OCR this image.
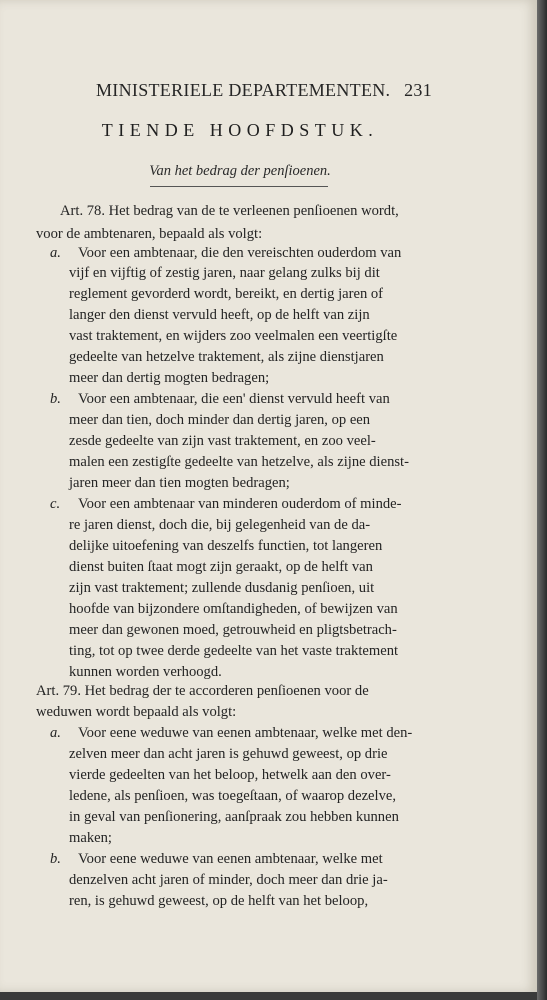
MINISTERIELE DEPARTEMENTEN. 231
TIENDE HOOFDSTUK.
Van het bedrag der penſioenen.
Art. 78. Het bedrag van de te verleenen penſioenen wordt,
voor de ambtenaren, bepaald als volgt:
a. Voor een ambtenaar, die den vereischten ouderdom van
vijf en vijftig of zestig jaren, naar gelang zulks bij dit
reglement gevorderd wordt, bereikt, en dertig jaren of
langer den dienst vervuld heeft, op de helft van zijn
vast traktement, en wijders zoo veelmalen een veertigſte
gedeelte van hetzelve traktement, als zijne dienstjaren
meer dan dertig mogten bedragen;
b. Voor een ambtenaar, die een' dienst vervuld heeft van
meer dan tien, doch minder dan dertig jaren, op een
zesde gedeelte van zijn vast traktement, en zoo veel-
malen een zestigſte gedeelte van hetzelve, als zijne dienst-
jaren meer dan tien mogten bedragen;
c. Voor een ambtenaar van minderen ouderdom of minde-
re jaren dienst, doch die, bij gelegenheid van de da-
delijke uitoefening van deszelfs functien, tot langeren
dienst buiten ſtaat mogt zijn geraakt, op de helft van
zijn vast traktement; zullende dusdanig penſioen, uit
hoofde van bijzondere omſtandigheden, of bewijzen van
meer dan gewonen moed, getrouwheid en pligtsbetrach-
ting, tot op twee derde gedeelte van het vaste traktement
kunnen worden verhoogd.
Art. 79. Het bedrag der te accorderen penſioenen voor de
weduwen wordt bepaald als volgt:
a. Voor eene weduwe van eenen ambtenaar, welke met den-
zelven meer dan acht jaren is gehuwd geweest, op drie
vierde gedeelten van het beloop, hetwelk aan den over-
ledene, als penſioen, was toegeſtaan, of waarop dezelve,
in geval van penſionering, aanſpraak zou hebben kunnen
maken;
b. Voor eene weduwe van eenen ambtenaar, welke met
denzelven acht jaren of minder, doch meer dan drie ja-
ren, is gehuwd geweest, op de helft van het beloop,
